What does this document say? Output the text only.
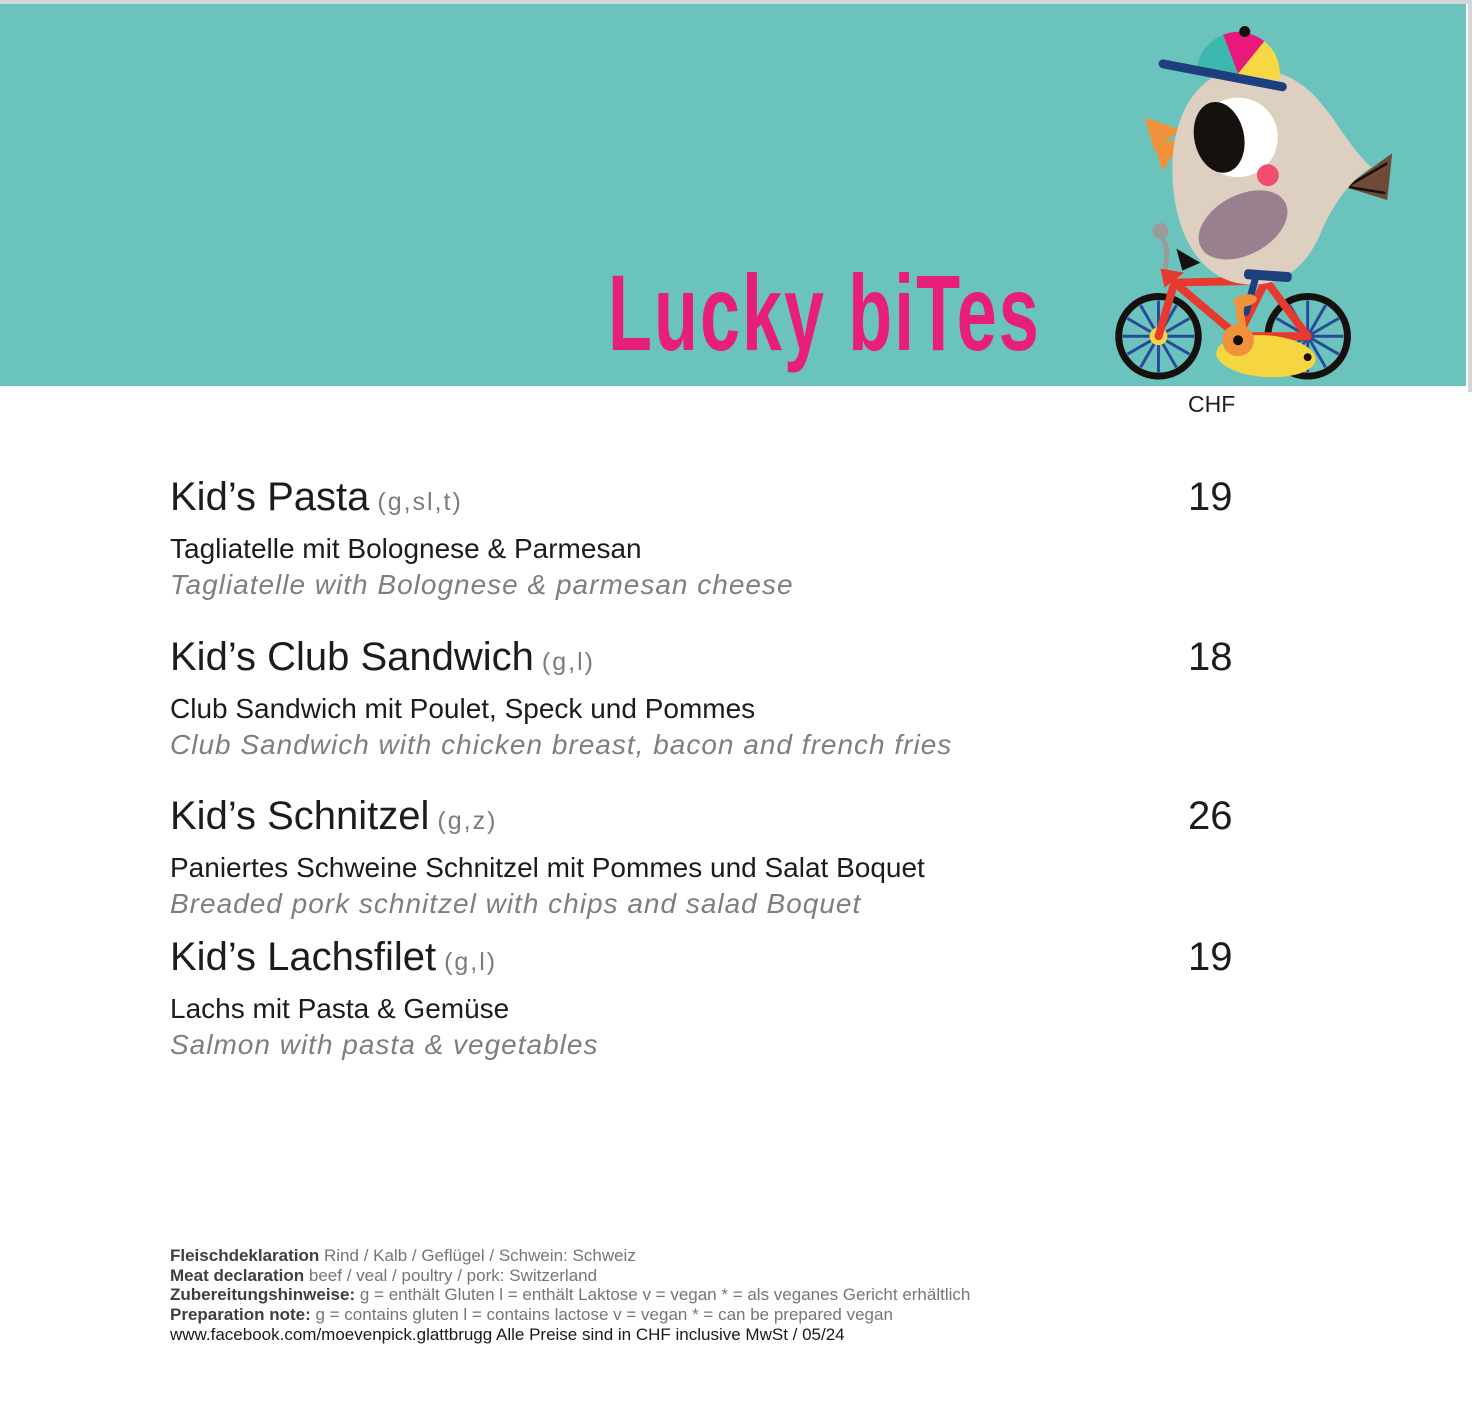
Lucky biTes
CHF
Kid’s Pasta (g,sl,t)
Tagliatelle mit Bolognese & Parmesan
Tagliatelle with Bolognese & parmesan cheese
19
Kid’s Club Sandwich (g,l)
Club Sandwich mit Poulet, Speck und Pommes
Club Sandwich with chicken breast, bacon and french fries
18
Kid’s Schnitzel (g,z)
Paniertes Schweine Schnitzel mit Pommes und Salat Boquet
Breaded pork schnitzel with chips and salad Boquet
26
Kid’s Lachsfilet (g,l)
Lachs mit Pasta & Gemüse
Salmon with pasta & vegetables
19
Fleischdeklaration Rind / Kalb / Geflügel / Schwein: Schweiz
Meat declaration beef / veal / poultry / pork: Switzerland
Zubereitungshinweise: g = enthält Gluten l = enthält Laktose v = vegan * = als veganes Gericht erhältlich
Preparation note: g = contains gluten l = contains lactose v = vegan * = can be prepared vegan
www.facebook.com/moevenpick.glattbrugg Alle Preise sind in CHF inclusive MwSt / 05/24
